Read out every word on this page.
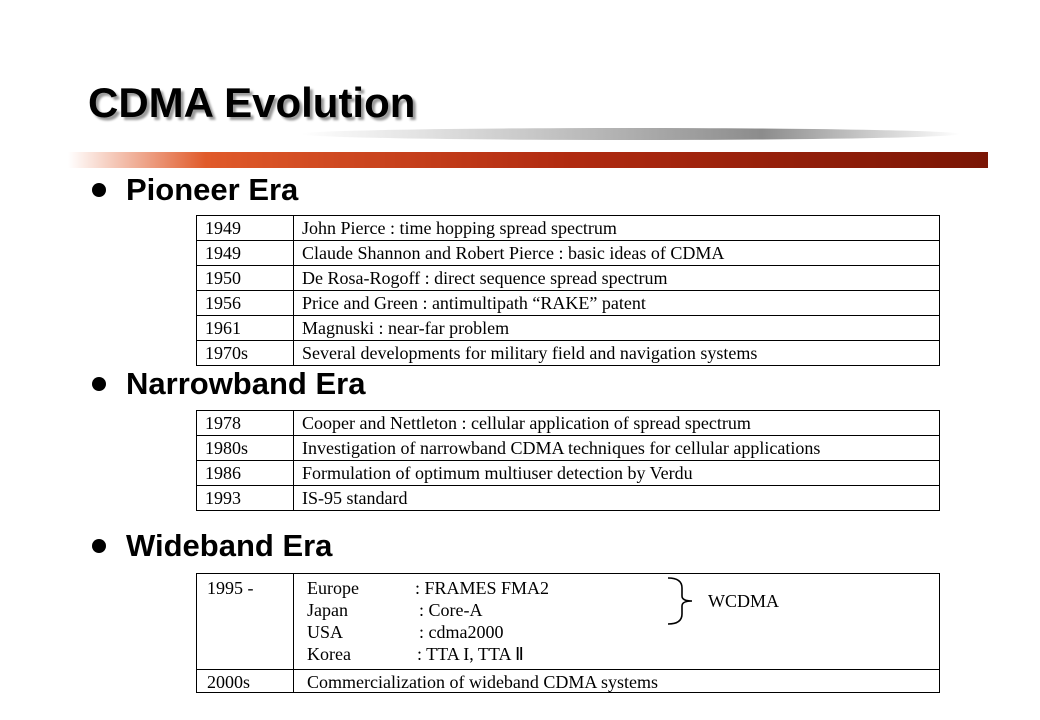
CDMA Evolution
Pioneer Era
1949	John Pierce : time hopping spread spectrum
1949	Claude Shannon and Robert Pierce : basic ideas of CDMA
1950	De Rosa-Rogoff : direct sequence spread spectrum
1956	Price and Green : antimultipath “RAKE” patent
1961	Magnuski : near-far problem
1970s	Several developments for military field and navigation systems
Narrowband Era
1978	Cooper and Nettleton : cellular application of spread spectrum
1980s	Investigation of narrowband CDMA techniques for cellular applications
1986	Formulation of optimum multiuser detection by Verdu
1993	IS-95 standard
Wideband Era
1995 -	Europe	: FRAMES FMA2
Japan	: Core-A
USA	: cdma2000
Korea	: TTA I, TTA Ⅱ
2000s	Commercialization of wideband CDMA systems
WCDMA
